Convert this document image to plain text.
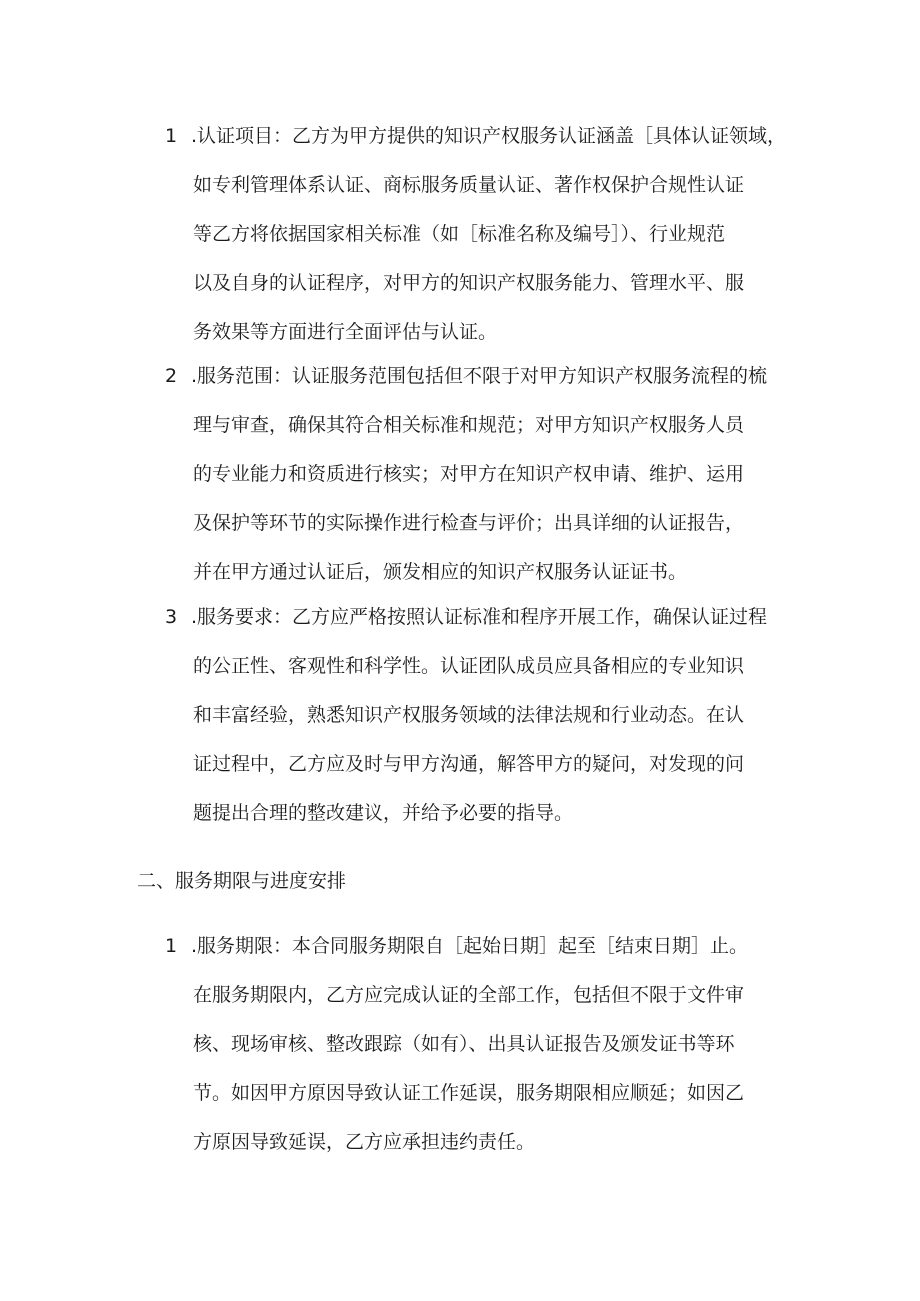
1 .认证项目：乙方为甲方提供的知识产权服务认证涵盖［具体认证领域，
如专利管理体系认证、商标服务质量认证、著作权保护合规性认证
等乙方将依据国家相关标准（如［标准名称及编号］）、行业规范
以及自身的认证程序，对甲方的知识产权服务能力、管理水平、服
务效果等方面进行全面评估与认证。
2 .服务范围：认证服务范围包括但不限于对甲方知识产权服务流程的梳
理与审查，确保其符合相关标准和规范；对甲方知识产权服务人员
的专业能力和资质进行核实；对甲方在知识产权申请、维护、运用
及保护等环节的实际操作进行检查与评价；出具详细的认证报告，
并在甲方通过认证后，颁发相应的知识产权服务认证证书。
3 .服务要求：乙方应严格按照认证标准和程序开展工作，确保认证过程
的公正性、客观性和科学性。认证团队成员应具备相应的专业知识
和丰富经验，熟悉知识产权服务领域的法律法规和行业动态。在认
证过程中，乙方应及时与甲方沟通，解答甲方的疑问，对发现的问
题提出合理的整改建议，并给予必要的指导。
二、服务期限与进度安排
1 .服务期限：本合同服务期限自［起始日期］起至［结束日期］止。
在服务期限内，乙方应完成认证的全部工作，包括但不限于文件审
核、现场审核、整改跟踪（如有）、出具认证报告及颁发证书等环
节。如因甲方原因导致认证工作延误，服务期限相应顺延；如因乙
方原因导致延误，乙方应承担违约责任。
